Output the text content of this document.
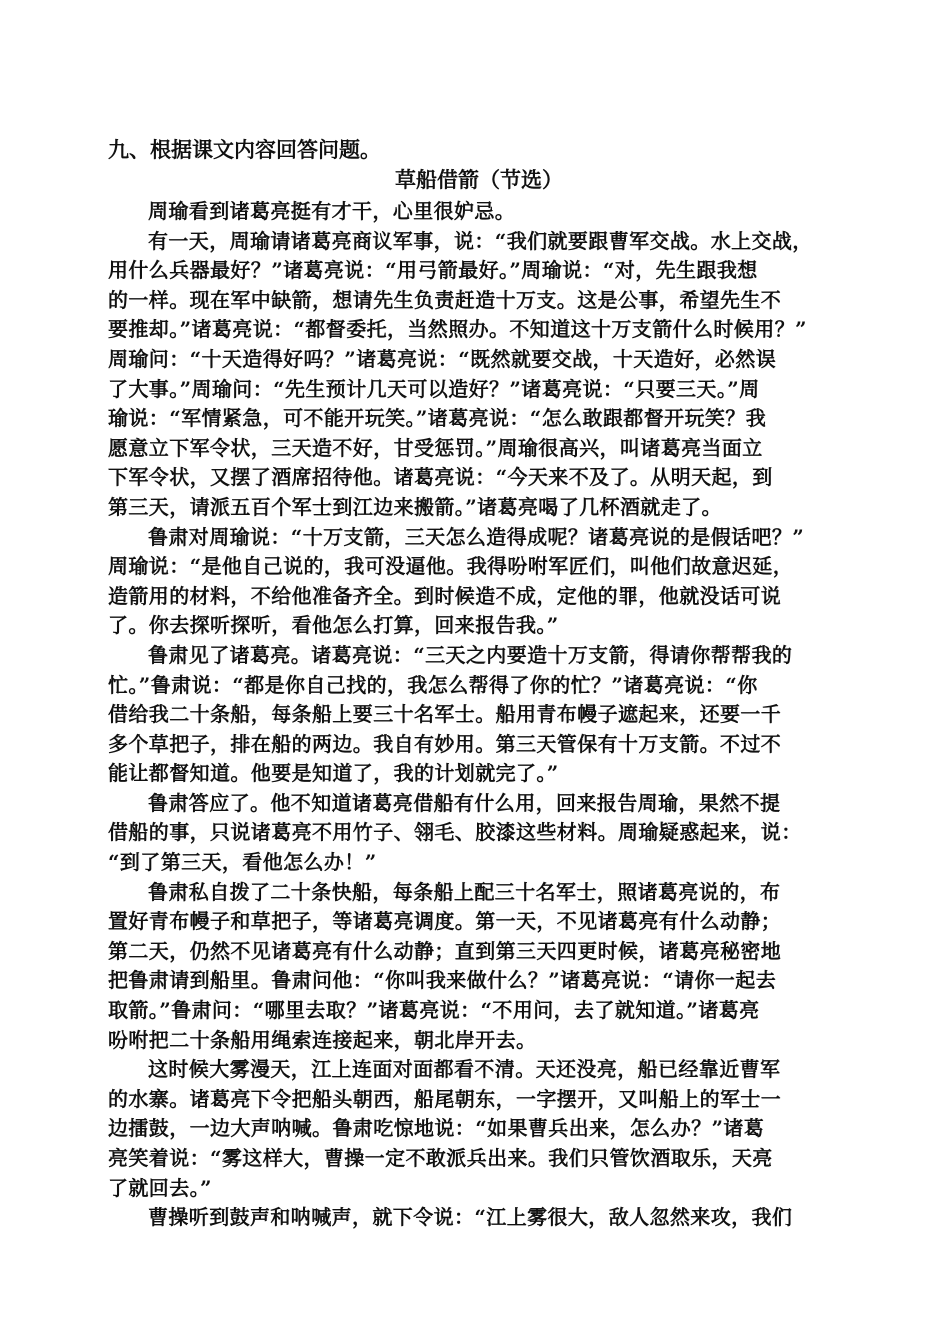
九、根据课文内容回答问题。
草船借箭（节选）
周瑜看到诸葛亮挺有才干，心里很妒忌。
有一天，周瑜请诸葛亮商议军事，说：“我们就要跟曹军交战。水上交战，
用什么兵器最好？”诸葛亮说：“用弓箭最好。”周瑜说：“对，先生跟我想
的一样。现在军中缺箭，想请先生负责赶造十万支。这是公事，希望先生不
要推却。”诸葛亮说：“都督委托，当然照办。不知道这十万支箭什么时候用？”
周瑜问：“十天造得好吗？”诸葛亮说：“既然就要交战，十天造好，必然误
了大事。”周瑜问：“先生预计几天可以造好？”诸葛亮说：“只要三天。”周
瑜说：“军情紧急，可不能开玩笑。”诸葛亮说：“怎么敢跟都督开玩笑？我
愿意立下军令状，三天造不好，甘受惩罚。”周瑜很高兴，叫诸葛亮当面立
下军令状，又摆了酒席招待他。诸葛亮说：“今天来不及了。从明天起，到
第三天，请派五百个军士到江边来搬箭。”诸葛亮喝了几杯酒就走了。
鲁肃对周瑜说：“十万支箭，三天怎么造得成呢？诸葛亮说的是假话吧？”
周瑜说：“是他自己说的，我可没逼他。我得吩咐军匠们，叫他们故意迟延，
造箭用的材料，不给他准备齐全。到时候造不成，定他的罪，他就没话可说
了。你去探听探听，看他怎么打算，回来报告我。”
鲁肃见了诸葛亮。诸葛亮说：“三天之内要造十万支箭，得请你帮帮我的
忙。”鲁肃说：“都是你自己找的，我怎么帮得了你的忙？”诸葛亮说：“你
借给我二十条船，每条船上要三十名军士。船用青布幔子遮起来，还要一千
多个草把子，排在船的两边。我自有妙用。第三天管保有十万支箭。不过不
能让都督知道。他要是知道了，我的计划就完了。”
鲁肃答应了。他不知道诸葛亮借船有什么用，回来报告周瑜，果然不提
借船的事，只说诸葛亮不用竹子、翎毛、胶漆这些材料。周瑜疑惑起来，说：
“到了第三天，看他怎么办！”
鲁肃私自拨了二十条快船，每条船上配三十名军士，照诸葛亮说的，布
置好青布幔子和草把子，等诸葛亮调度。第一天，不见诸葛亮有什么动静；
第二天，仍然不见诸葛亮有什么动静；直到第三天四更时候，诸葛亮秘密地
把鲁肃请到船里。鲁肃问他：“你叫我来做什么？”诸葛亮说：“请你一起去
取箭。”鲁肃问：“哪里去取？”诸葛亮说：“不用问，去了就知道。”诸葛亮
吩咐把二十条船用绳索连接起来，朝北岸开去。
这时候大雾漫天，江上连面对面都看不清。天还没亮，船已经靠近曹军
的水寨。诸葛亮下令把船头朝西，船尾朝东，一字摆开，又叫船上的军士一
边擂鼓，一边大声呐喊。鲁肃吃惊地说：“如果曹兵出来，怎么办？”诸葛
亮笑着说：“雾这样大，曹操一定不敢派兵出来。我们只管饮酒取乐，天亮
了就回去。”
曹操听到鼓声和呐喊声，就下令说：“江上雾很大，敌人忽然来攻，我们
